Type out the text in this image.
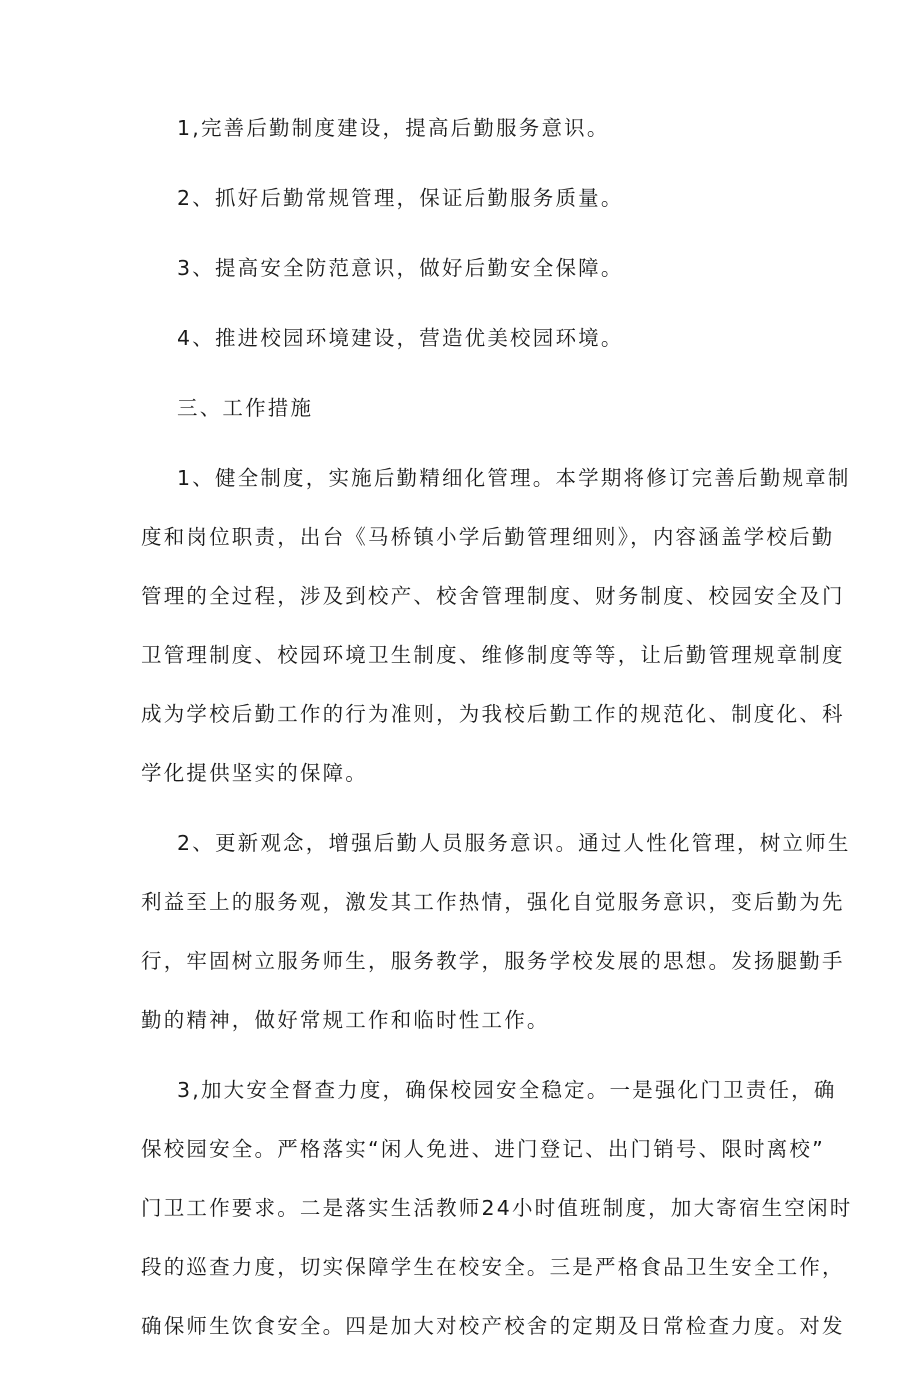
1,完善后勤制度建设，提高后勤服务意识。
2、抓好后勤常规管理，保证后勤服务质量。
3、提高安全防范意识，做好后勤安全保障。
4、推进校园环境建设，营造优美校园环境。
三、工作措施
1、健全制度，实施后勤精细化管理。本学期将修订完善后勤规章制
度和岗位职责，出台《马桥镇小学后勤管理细则》，内容涵盖学校后勤
管理的全过程，涉及到校产、校舍管理制度、财务制度、校园安全及门
卫管理制度、校园环境卫生制度、维修制度等等，让后勤管理规章制度
成为学校后勤工作的行为准则，为我校后勤工作的规范化、制度化、科
学化提供坚实的保障。
2、更新观念，增强后勤人员服务意识。通过人性化管理，树立师生
利益至上的服务观，激发其工作热情，强化自觉服务意识，变后勤为先
行，牢固树立服务师生，服务教学，服务学校发展的思想。发扬腿勤手
勤的精神，做好常规工作和临时性工作。
3,加大安全督查力度，确保校园安全稳定。一是强化门卫责任，确
保校园安全。严格落实“闲人免进、进门登记、出门销号、限时离校”
门卫工作要求。二是落实生活教师24小时值班制度，加大寄宿生空闲时
段的巡查力度，切实保障学生在校安全。三是严格食品卫生安全工作，
确保师生饮食安全。四是加大对校产校舍的定期及日常检查力度。对发
